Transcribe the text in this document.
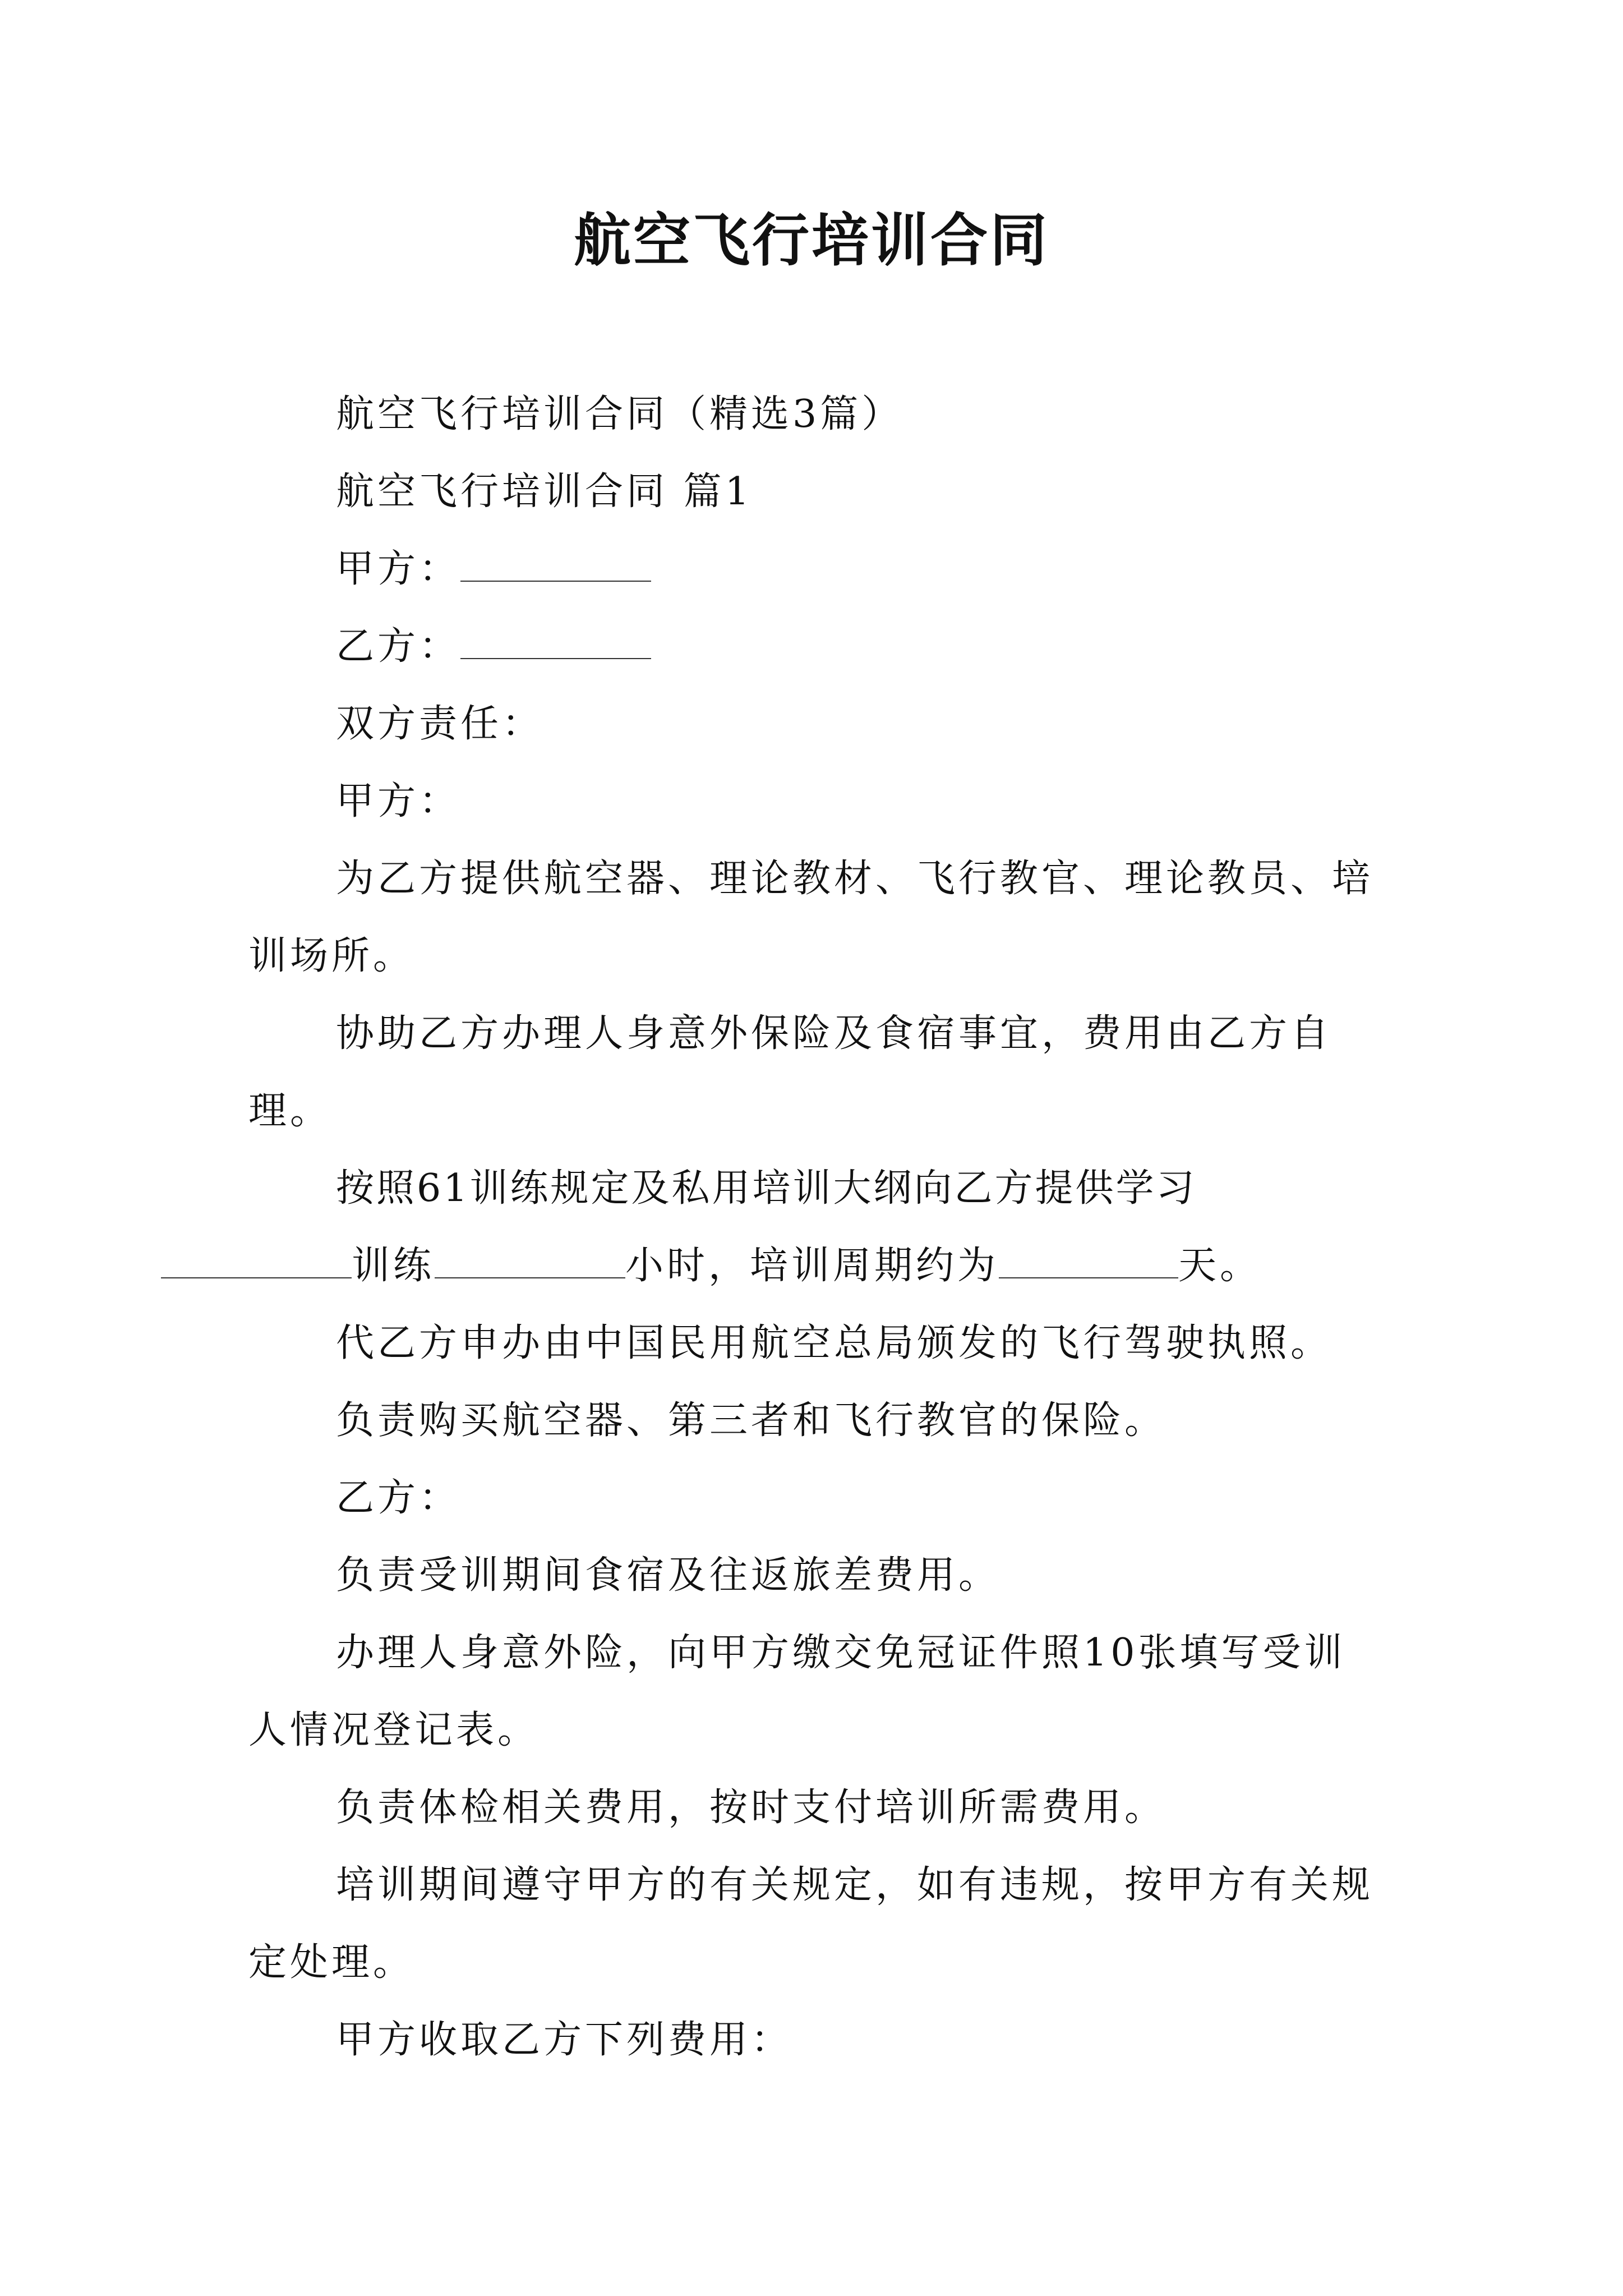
航空飞行培训合同

航空飞行培训合同（精选3篇）

航空飞行培训合同 篇1

甲方：

乙方：

双方责任：

甲方：

为乙方提供航空器、理论教材、飞行教官、理论教员、培训场所。

协助乙方办理人身意外保险及食宿事宜，费用由乙方自理。

按照61训练规定及私用培训大纲向乙方提供学习

训练	小时，培训周期约为	天。

代乙方申办由中国民用航空总局颁发的飞行驾驶执照。

负责购买航空器、第三者和飞行教官的保险。

乙方：

负责受训期间食宿及往返旅差费用。

办理人身意外险，向甲方缴交免冠证件照10张填写受训人情况登记表。

负责体检相关费用，按时支付培训所需费用。

培训期间遵守甲方的有关规定，如有违规，按甲方有关规定处理。

甲方收取乙方下列费用：
